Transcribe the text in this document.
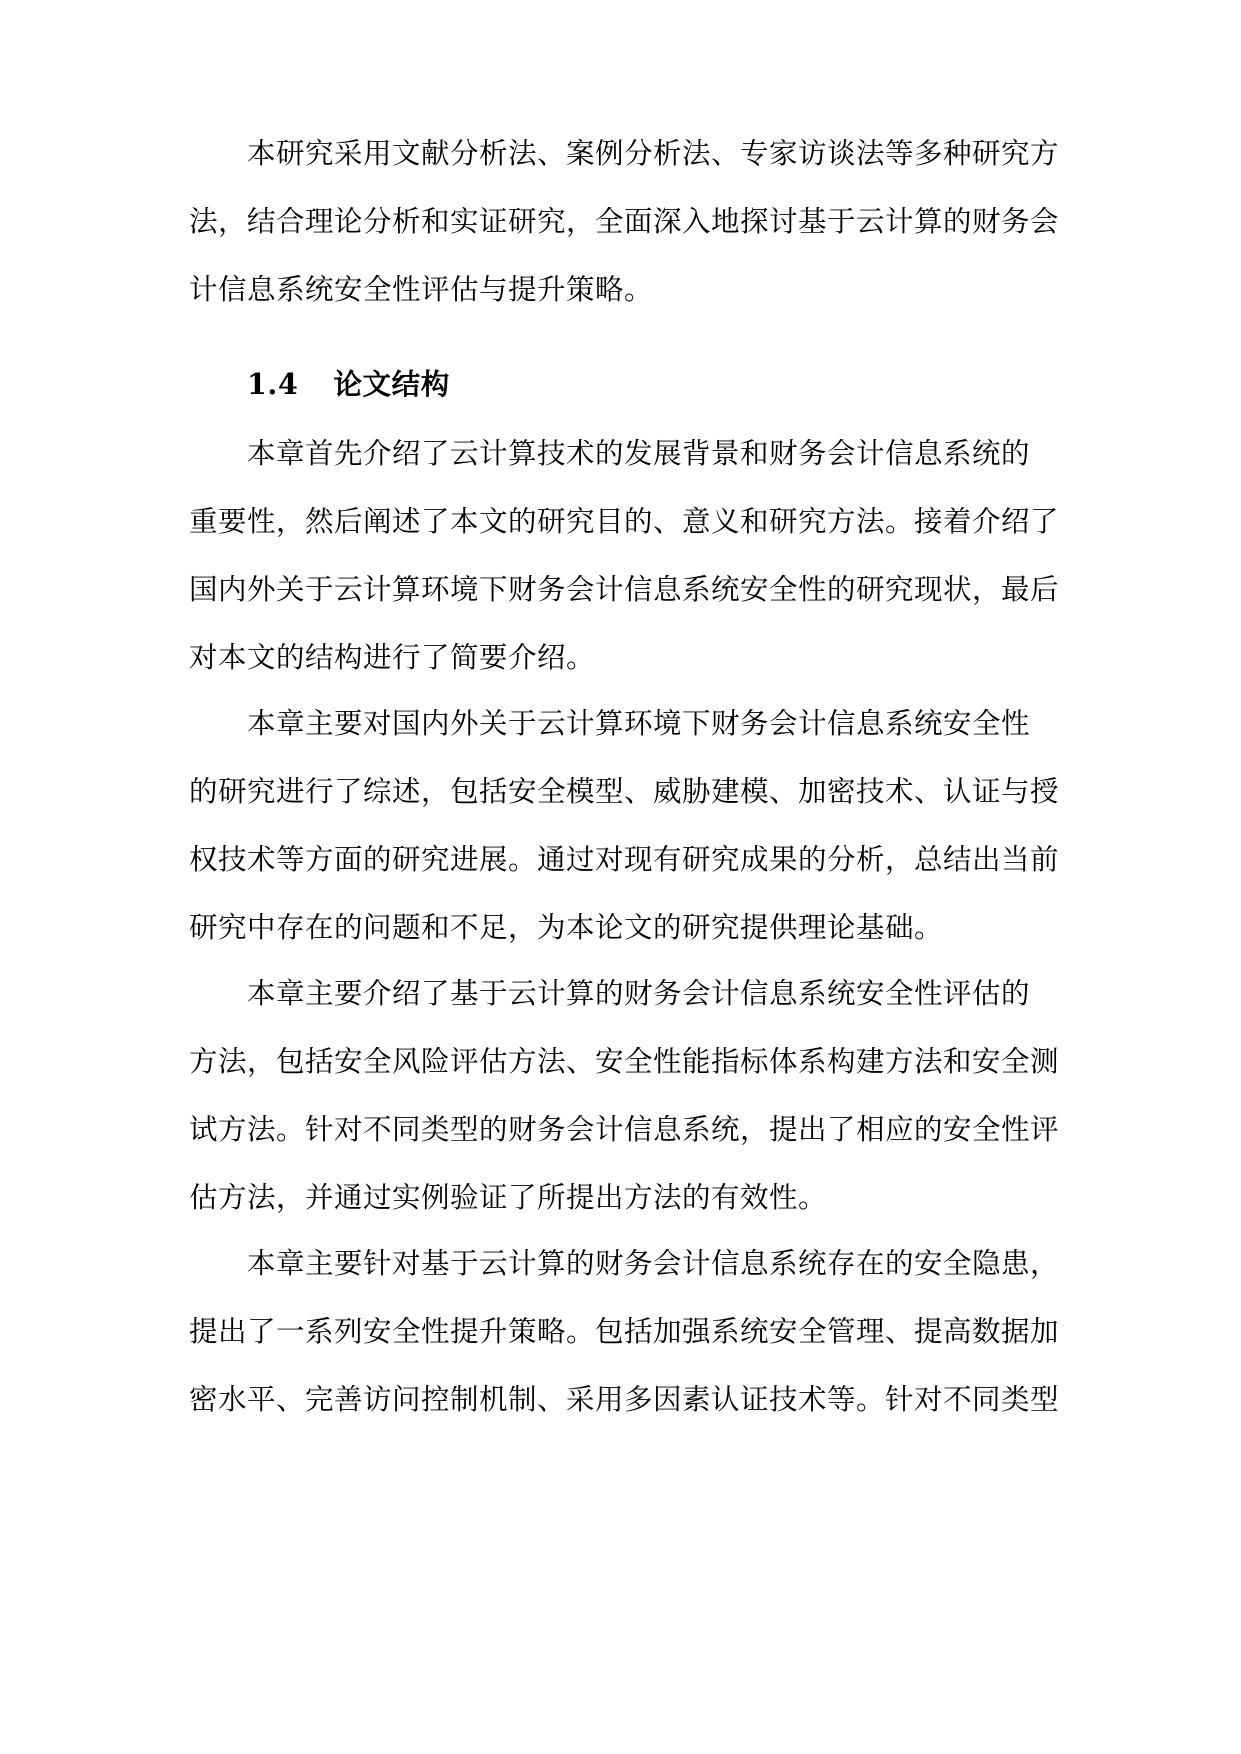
本研究采用文献分析法、案例分析法、专家访谈法等多种研究方
法，结合理论分析和实证研究，全面深入地探讨基于云计算的财务会
计信息系统安全性评估与提升策略。
1.4 论文结构
本章首先介绍了云计算技术的发展背景和财务会计信息系统的
重要性，然后阐述了本文的研究目的、意义和研究方法。接着介绍了
国内外关于云计算环境下财务会计信息系统安全性的研究现状，最后
对本文的结构进行了简要介绍。
本章主要对国内外关于云计算环境下财务会计信息系统安全性
的研究进行了综述，包括安全模型、威胁建模、加密技术、认证与授
权技术等方面的研究进展。通过对现有研究成果的分析，总结出当前
研究中存在的问题和不足，为本论文的研究提供理论基础。
本章主要介绍了基于云计算的财务会计信息系统安全性评估的
方法，包括安全风险评估方法、安全性能指标体系构建方法和安全测
试方法。针对不同类型的财务会计信息系统，提出了相应的安全性评
估方法，并通过实例验证了所提出方法的有效性。
本章主要针对基于云计算的财务会计信息系统存在的安全隐患，
提出了一系列安全性提升策略。包括加强系统安全管理、提高数据加
密水平、完善访问控制机制、采用多因素认证技术等。针对不同类型
